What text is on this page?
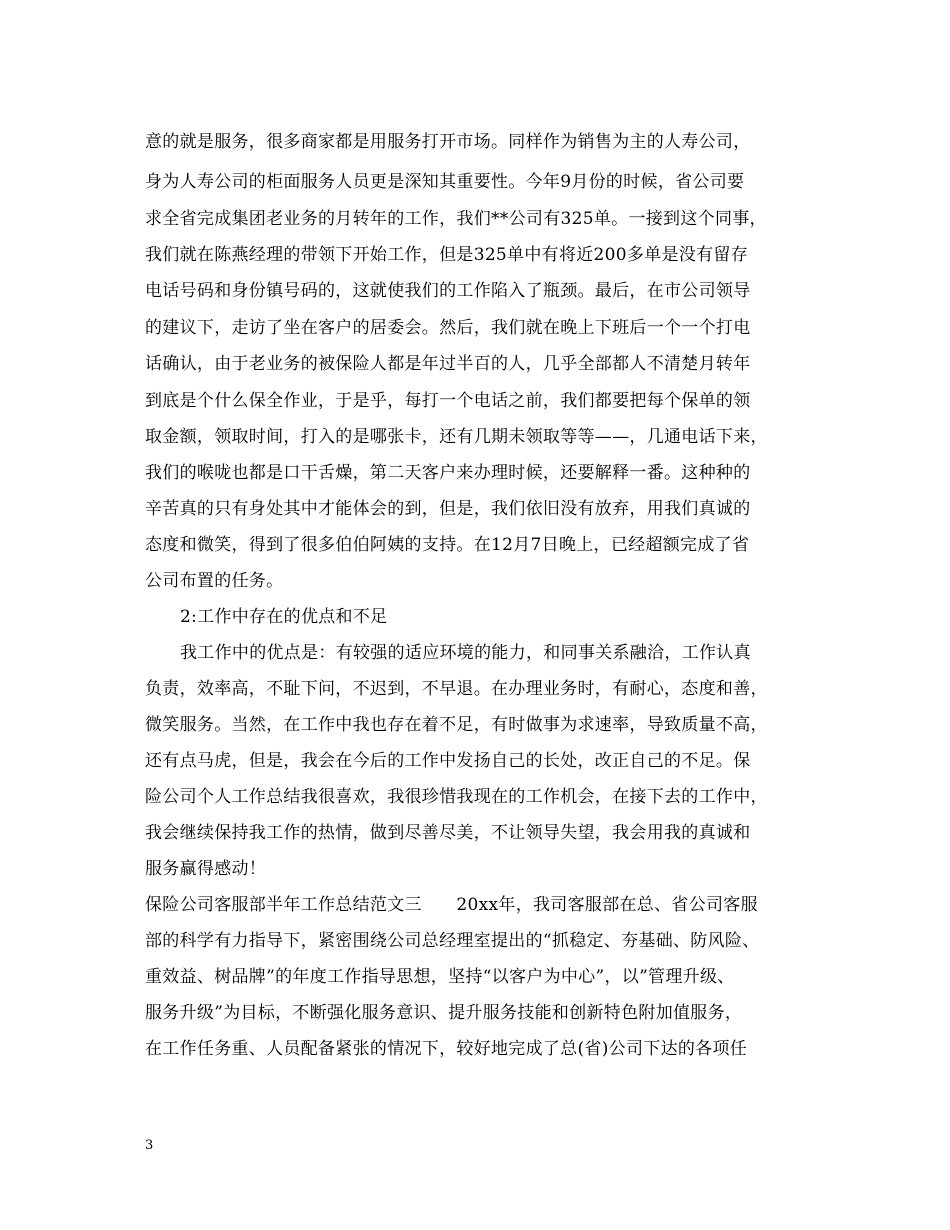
意的就是服务，很多商家都是用服务打开市场。同样作为销售为主的人寿公司，
身为人寿公司的柜面服务人员更是深知其重要性。今年9月份的时候，省公司要
求全省完成集团老业务的月转年的工作，我们**公司有325单。一接到这个同事，
我们就在陈燕经理的带领下开始工作，但是325单中有将近200多单是没有留存
电话号码和身份镇号码的，这就使我们的工作陷入了瓶颈。最后，在市公司领导
的建议下，走访了坐在客户的居委会。然后，我们就在晚上下班后一个一个打电
话确认，由于老业务的被保险人都是年过半百的人，几乎全部都人不清楚月转年
到底是个什么保全作业，于是乎，每打一个电话之前，我们都要把每个保单的领
取金额，领取时间，打入的是哪张卡，还有几期未领取等等——，几通电话下来，
我们的喉咙也都是口干舌燥，第二天客户来办理时候，还要解释一番。这种种的
辛苦真的只有身处其中才能体会的到，但是，我们依旧没有放弃，用我们真诚的
态度和微笑，得到了很多伯伯阿姨的支持。在12月7日晚上，已经超额完成了省
公司布置的任务。
2:工作中存在的优点和不足
我工作中的优点是：有较强的适应环境的能力，和同事关系融洽，工作认真
负责，效率高，不耻下问，不迟到，不早退。在办理业务时，有耐心，态度和善，
微笑服务。当然，在工作中我也存在着不足，有时做事为求速率，导致质量不高，
还有点马虎，但是，我会在今后的工作中发扬自己的长处，改正自己的不足。保
险公司个人工作总结我很喜欢，我很珍惜我现在的工作机会，在接下去的工作中，
我会继续保持我工作的热情，做到尽善尽美，不让领导失望，我会用我的真诚和
服务赢得感动！
保险公司客服部半年工作总结范文三　　20xx年，我司客服部在总、省公司客服
部的科学有力指导下，紧密围绕公司总经理室提出的“抓稳定、夯基础、防风险、
重效益、树品牌”的年度工作指导思想，坚持“以客户为中心”，以”管理升级、
服务升级”为目标，不断强化服务意识、提升服务技能和创新特色附加值服务，
在工作任务重、人员配备紧张的情况下，较好地完成了总(省)公司下达的各项任
3
